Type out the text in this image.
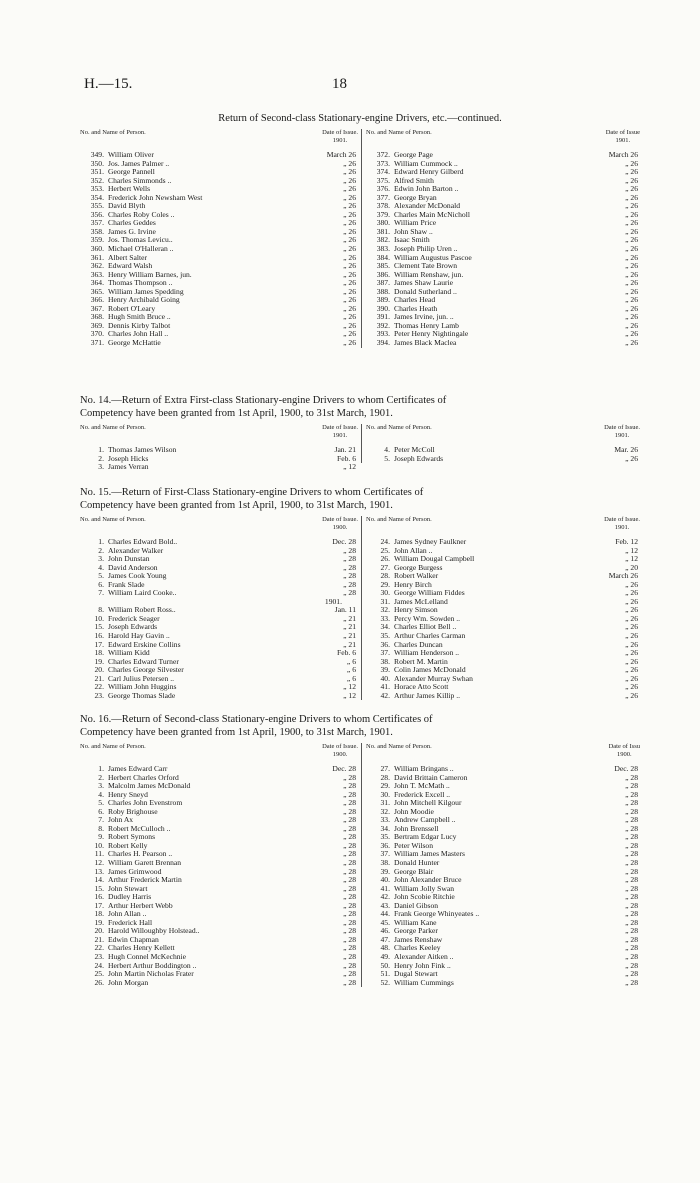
H.—15.	18
Return of Second-class Stationary-engine Drivers, etc.—continued.
No. and Name of Person.	Date of Issue.
1901.
349. William Oliver	March 26
350. Jos. James Palmer ..	„ 26
351. George Pannell	„ 26
352. Charles Simmonds ..	„ 26
353. Herbert Wells	„ 26
354. Frederick John Newsham West	„ 26
355. David Blyth	„ 26
356. Charles Roby Coles ..	„ 26
357. Charles Geddes	„ 26
358. James G. Irvine	„ 26
359. Jos. Thomas Levicu..	„ 26
360. Michael O'Halleran ..	„ 26
361. Albert Salter	„ 26
362. Edward Walsh	„ 26
363. Henry William Barnes, jun.	„ 26
364. Thomas Thompson ..	„ 26
365. William James Spedding	„ 26
366. Henry Archibald Going	„ 26
367. Robert O'Leary	„ 26
368. Hugh Smith Bruce ..	„ 26
369. Dennis Kirby Talbot	„ 26
370. Charles John Hall ..	„ 26
371. George McHattie	„ 26
No. and Name of Person.	Date of Issue
1901.
372. George Page	March 26
373. William Cummock ..	„ 26
374. Edward Henry Gilberd	„ 26
375. Alfred Smith	„ 26
376. Edwin John Barton ..	„ 26
377. George Bryan	„ 26
378. Alexander McDonald	„ 26
379. Charles Main McNicholl	„ 26
380. William Price	„ 26
381. John Shaw ..	„ 26
382. Isaac Smith	„ 26
383. Joseph Philip Uren ..	„ 26
384. William Augustus Pascoe	„ 26
385. Clement Tate Brown	„ 26
386. William Renshaw, jun.	„ 26
387. James Shaw Laurie	„ 26
388. Donald Sutherland ..	„ 26
389. Charles Head	„ 26
390. Charles Heath	„ 26
391. James Irvine, jun. ..	„ 26
392. Thomas Henry Lamb	„ 26
393. Peter Henry Nightingale	„ 26
394. James Black Maclea	„ 26
No. 14.—Return of Extra First-class Stationary-engine Drivers to whom Certificates of
Competency have been granted from 1st April, 1900, to 31st March, 1901.
No. and Name of Person.	Date of Issue.
1901.
1. Thomas James Wilson	Jan. 21
2. Joseph Hicks	Feb. 6
3. James Verran	„ 12
No. and Name of Person.	Date of Issue.
1901.
4. Peter McColl	Mar. 26
5. Joseph Edwards	„ 26
No. 15.—Return of First-Class Stationary-engine Drivers to whom Certificates of
Competency have been granted from 1st April, 1900, to 31st March, 1901.
No. and Name of Person.	Date of Issue.
1900.
1. Charles Edward Bold..	Dec. 28
2. Alexander Walker	„ 28
3. John Dunstan	„ 28
4. David Anderson	„ 28
5. James Cook Young	„ 28
6. Frank Slade	„ 28
7. William Laird Cooke..	„ 28
1901.
8. William Robert Ross..	Jan. 11
10. Frederick Seager	„ 21
15. Joseph Edwards	„ 21
16. Harold Hay Gavin ..	„ 21
17. Edward Erskine Collins	„ 21
18. William Kidd	Feb. 6
19. Charles Edward Turner	„ 6
20. Charles George Silvester	„ 6
21. Carl Julius Petersen ..	„ 6
22. William John Huggins	„ 12
23. George Thomas Slade	„ 12
No. and Name of Person.	Date of Issue.
1901.
24. James Sydney Faulkner	Feb. 12
25. John Allan ..	„ 12
26. William Dougal Campbell	„ 12
27. George Burgess	„ 20
28. Robert Walker	March 26
29. Henry Birch	„ 26
30. George William Fiddes	„ 26
31. James McLelland	„ 26
32. Henry Simson	„ 26
33. Percy Wm. Sowden ..	„ 26
34. Charles Elliot Bell ..	„ 26
35. Arthur Charles Carman	„ 26
36. Charles Duncan	„ 26
37. William Henderson ..	„ 26
38. Robert M. Martin	„ 26
39. Colin James McDonald	„ 26
40. Alexander Murray Swhan	„ 26
41. Horace Atto Scott	„ 26
42. Arthur James Killip ..	„ 26
No. 16.—Return of Second-class Stationary-engine Drivers to whom Certificates of
Competency have been granted from 1st April, 1900, to 31st March, 1901.
No. and Name of Person.	Date of Issue.
1900.
1. James Edward Carr	Dec. 28
2. Herbert Charles Orford	„ 28
3. Malcolm James McDonald	„ 28
4. Henry Sneyd	„ 28
5. Charles John Evenstrom	„ 28
6. Roby Brighouse	„ 28
7. John Ax	„ 28
8. Robert McCulloch ..	„ 28
9. Robert Symons	„ 28
10. Robert Kelly	„ 28
11. Charles H. Pearson ..	„ 28
12. William Garett Brennan	„ 28
13. James Grimwood	„ 28
14. Arthur Frederick Martin	„ 28
15. John Stewart	„ 28
16. Dudley Harris	„ 28
17. Arthur Herbert Webb	„ 28
18. John Allan ..	„ 28
19. Frederick Hall	„ 28
20. Harold Willoughby Holstead..	„ 28
21. Edwin Chapman	„ 28
22. Charles Henry Kellett	„ 28
23. Hugh Connel McKechnie	„ 28
24. Herbert Arthur Boddington ..	„ 28
25. John Martin Nicholas Frater	„ 28
26. John Morgan	„ 28
No. and Name of Person.	Date of Issu
1900.
27. William Bringans ..	Dec. 28
28. David Brittain Cameron	„ 28
29. John T. McMath ..	„ 28
30. Frederick Excell ..	„ 28
31. John Mitchell Kilgour	„ 28
32. John Moodie	„ 28
33. Andrew Campbell ..	„ 28
34. John Brenssell	„ 28
35. Bertram Edgar Lucy	„ 28
36. Peter Wilson	„ 28
37. William James Masters	„ 28
38. Donald Hunter	„ 28
39. George Blair	„ 28
40. John Alexander Bruce	„ 28
41. William Jolly Swan	„ 28
42. John Scobie Ritchie	„ 28
43. Daniel Gibson	„ 28
44. Frank George Whinyeates ..	„ 28
45. William Kane	„ 28
46. George Parker	„ 28
47. James Renshaw	„ 28
48. Charles Keeley	„ 28
49. Alexander Aitken ..	„ 28
50. Henry John Fink ..	„ 28
51. Dugal Stewart	„ 28
52. William Cummings	„ 28
